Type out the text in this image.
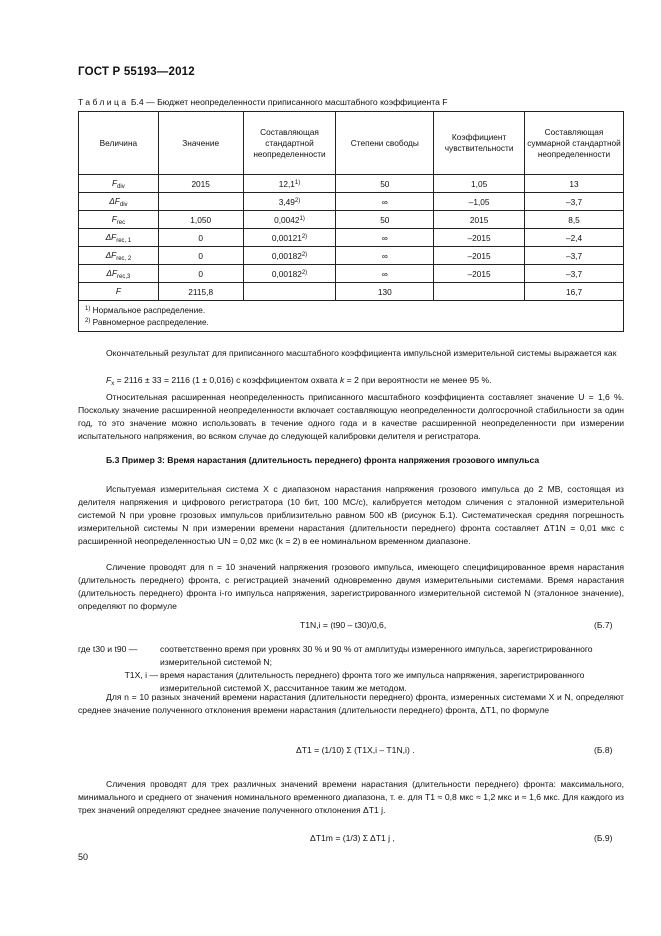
ГОСТ Р 55193—2012
Таблица Б.4 — Бюджет неопределенности приписанного масштабного коэффициента F
Величина	Значение	Составляющая стандартной неопределенности	Степени свободы	Коэффициент чувствительности	Составляющая суммарной стандартной неопределенности
$F_{div}$	2015	12,1$^{1)}$	50	1,05	13
$\Delta F_{div}$		3,49$^{2)}$	∞	–1,05	–3,7
$F_{rec}$	1,050	0,0042$^{1)}$	50	2015	8,5
$\Delta F_{rec, 1}$	0	0,00121$^{2)}$	∞	–2015	–2,4
$\Delta F_{rec, 2}$	0	0,00182$^{2)}$	∞	–2015	–3,7
$\Delta F_{rec,3}$	0	0,00182$^{2)}$	∞	–2015	–3,7
F	2115,8		130		16,7

$^{1)}$ Нормальное распределение.
$^{2)}$ Равномерное распределение.					
Окончательный результат для приписанного масштабного коэффициента импульсной измерительной системы выражается как
$F_x = 2116 \pm 33 = 2116$ (1 ± 0,016) с коэффициентом охвата k = 2 при вероятности не менее 95 %.
Относительная расширенная неопределенность приписанного масштабного коэффициента составляет значение U = 1,6 %. Поскольку значение расширенной неопределенности включает составляющую неопределенности долгосрочной стабильности за один год, то это значение можно использовать в течение одного года и в качестве расширенной неопределенности при измерении испытательного напряжения, во всяком случае до следующей калибровки делителя и регистратора.
Б.3 Пример 3: Время нарастания (длительность переднего) фронта напряжения грозового импульса
Испытуемая измерительная система X с диапазоном нарастания напряжения грозового импульса до 2 МВ, состоящая из делителя напряжения и цифрового регистратора (10 бит, 100 МС/с), калибруется методом сличения с эталонной измерительной системой N при уровне грозовых импульсов приблизительно равном 500 кВ (рисунок Б.1). Систематическая средняя погрешность измерительной системы N при измерении времени нарастания (длительности переднего) фронта составляет ΔT1N = 0,01 мкс с расширенной неопределенностью UN = 0,02 мкс (k = 2) в ее номинальном временном диапазоне.
Сличение проводят для n = 10 значений напряжения грозового импульса, имеющего специфицированное время нарастания (длительность переднего) фронта, с регистрацией значений одновременно двумя измерительными системами. Время нарастания (длительность переднего) фронта i-го импульса напряжения, зарегистрированного измерительной системой N (эталонное значение), определяют по формуле
T1N,i = (t90 – t30)/0,6,	(Б.7)
где t30 и t90 —	соответственно время при уровнях 30 % и 90 % от амплитуды измеренного импульса, зарегистрированного измерительной системой N;
T1X, i — время нарастания (длительность переднего) фронта того же импульса напряжения, зарегистрированного измерительной системой X, рассчитанное таким же методом.
Для n = 10 разных значений времени нарастания (длительности переднего) фронта, измеренных системами X и N, определяют среднее значение полученного отклонения времени нарастания (длительности переднего) фронта, ΔT1, по формуле
ΔT1 = (1/10) Σ (T1X,i – T1N,i) .	(Б.8)
Сличения проводят для трех различных значений времени нарастания (длительности переднего) фронта: максимального, минимального и среднего от значения номинального временного диапазона, т. е. для T1 ≈ 0,8 мкс ≈ 1,2 мкс и ≈ 1,6 мкс. Для каждого из трех значений определяют среднее значение полученного отклонения ΔT1 j.
ΔT1m = (1/3) Σ ΔT1 j ,	(Б.9)
50
